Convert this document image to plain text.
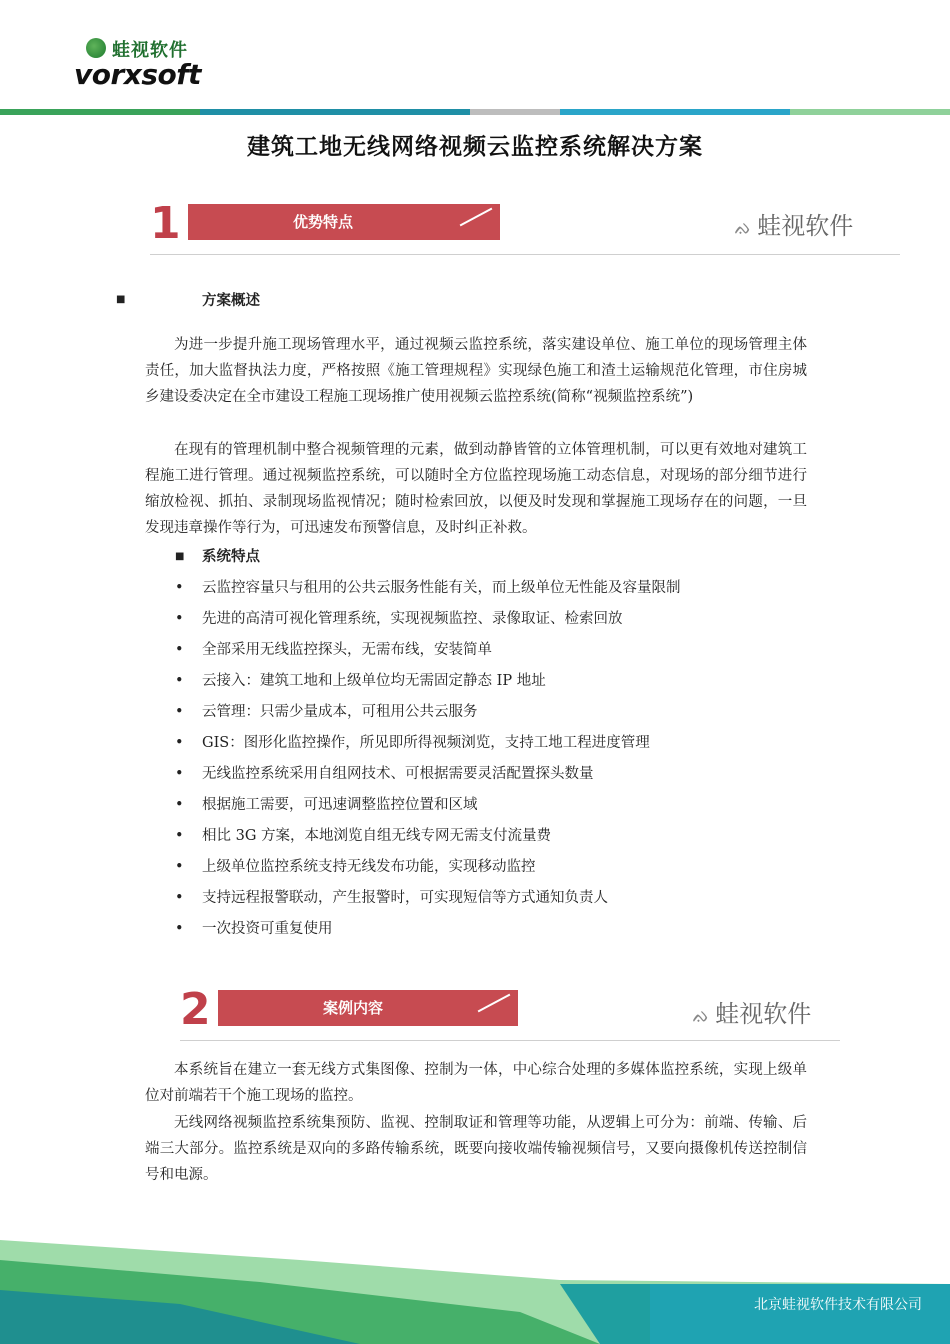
蛙视软件
vorxsoft
建筑工地无线网络视频云监控系统解决方案
1	优势特点	ᨁ 蛙视软件
■	方案概述
为进一步提升施工现场管理水平，通过视频云监控系统，落实建设单位、施工单位的现场管理主体责任，加大监督执法力度，严格按照《施工管理规程》实现绿色施工和渣土运输规范化管理，市住房城乡建设委决定在全市建设工程施工现场推广使用视频云监控系统(简称“视频监控系统”)
在现有的管理机制中整合视频管理的元素，做到动静皆管的立体管理机制，可以更有效地对建筑工程施工进行管理。通过视频监控系统，可以随时全方位监控现场施工动态信息，对现场的部分细节进行缩放检视、抓拍、录制现场监视情况；随时检索回放，以便及时发现和掌握施工现场存在的问题，一旦发现违章操作等行为，可迅速发布预警信息，及时纠正补救。
■	系统特点
•	云监控容量只与租用的公共云服务性能有关，而上级单位无性能及容量限制
•	先进的高清可视化管理系统，实现视频监控、录像取证、检索回放
•	全部采用无线监控探头，无需布线，安装简单
•	云接入：建筑工地和上级单位均无需固定静态 IP 地址
•	云管理：只需少量成本，可租用公共云服务
•	GIS：图形化监控操作，所见即所得视频浏览，支持工地工程进度管理
•	无线监控系统采用自组网技术、可根据需要灵活配置探头数量
•	根据施工需要，可迅速调整监控位置和区域
•	相比 3G 方案，本地浏览自组无线专网无需支付流量费
•	上级单位监控系统支持无线发布功能，实现移动监控
•	支持远程报警联动，产生报警时，可实现短信等方式通知负责人
•	一次投资可重复使用
2	案例内容	ᨁ 蛙视软件
本系统旨在建立一套无线方式集图像、控制为一体，中心综合处理的多媒体监控系统，实现上级单位对前端若干个施工现场的监控。
无线网络视频监控系统集预防、监视、控制取证和管理等功能，从逻辑上可分为：前端、传输、后端三大部分。监控系统是双向的多路传输系统，既要向接收端传输视频信号，又要向摄像机传送控制信号和电源。
北京蛙视软件技术有限公司
